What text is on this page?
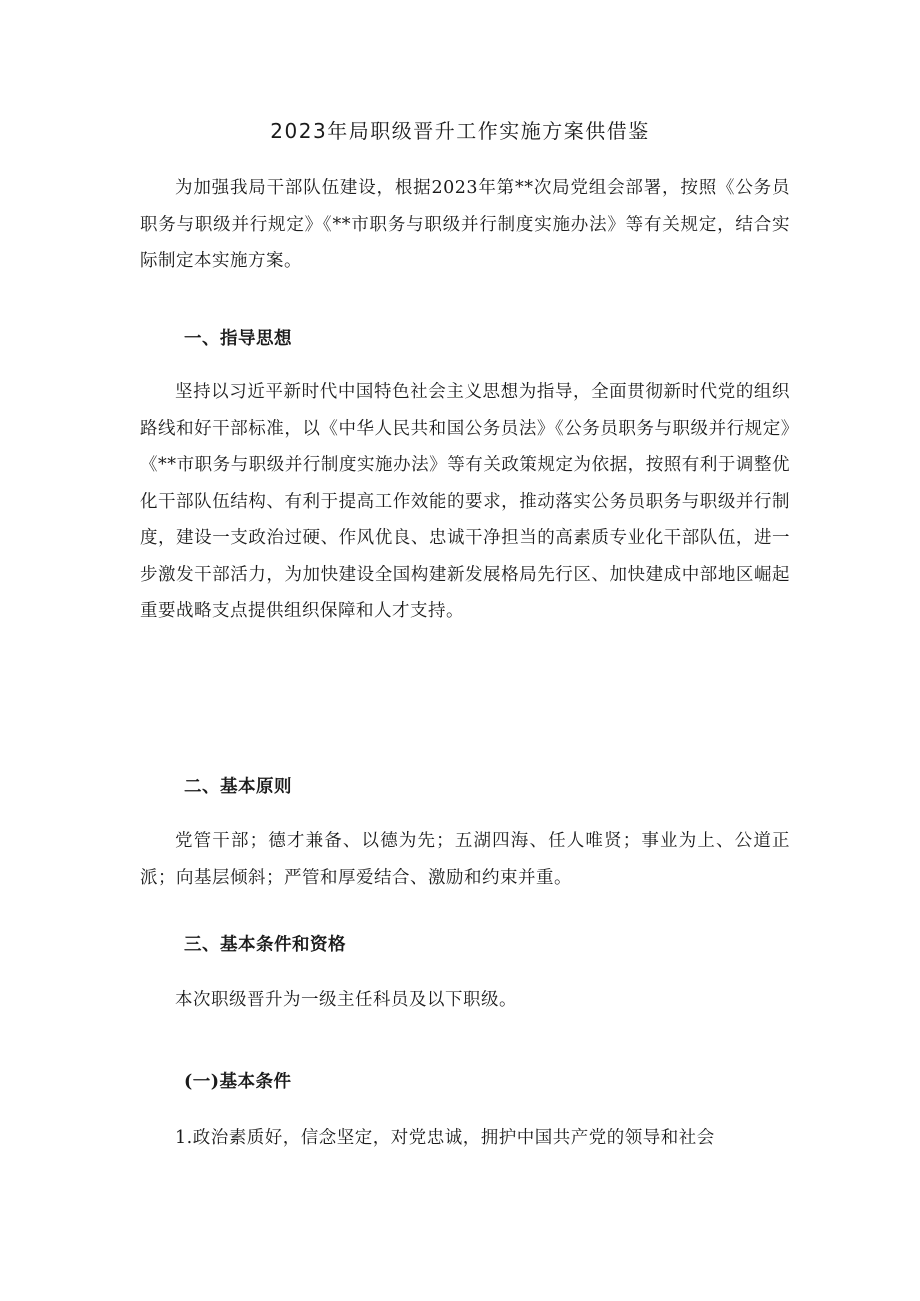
2023年局职级晋升工作实施方案供借鉴
为加强我局干部队伍建设，根据2023年第**次局党组会部署，按照《公务员职务与职级并行规定》《**市职务与职级并行制度实施办法》等有关规定，结合实际制定本实施方案。
一、指导思想
坚持以习近平新时代中国特色社会主义思想为指导，全面贯彻新时代党的组织路线和好干部标准，以《中华人民共和国公务员法》《公务员职务与职级并行规定》《**市职务与职级并行制度实施办法》等有关政策规定为依据，按照有利于调整优化干部队伍结构、有利于提高工作效能的要求，推动落实公务员职务与职级并行制度，建设一支政治过硬、作风优良、忠诚干净担当的高素质专业化干部队伍，进一步激发干部活力，为加快建设全国构建新发展格局先行区、加快建成中部地区崛起重要战略支点提供组织保障和人才支持。
二、基本原则
党管干部；德才兼备、以德为先；五湖四海、任人唯贤；事业为上、公道正派；向基层倾斜；严管和厚爱结合、激励和约束并重。
三、基本条件和资格
本次职级晋升为一级主任科员及以下职级。
(一)基本条件
1.政治素质好，信念坚定，对党忠诚，拥护中国共产党的领导和社会
